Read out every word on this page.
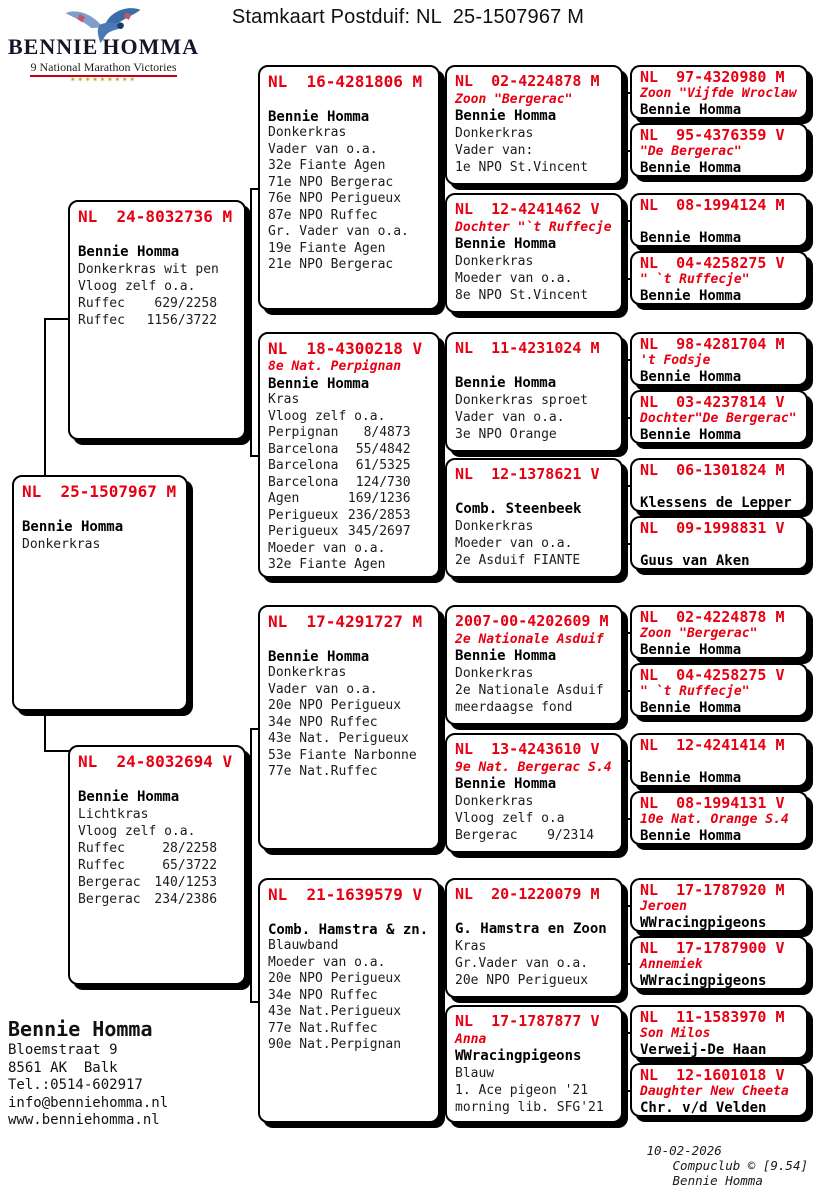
BENNIE HOMMA
9 National Marathon Victories
✶✶✶✶✶✶✶✶✶
Stamkaart Postduif: NL  25-1507967 M
NL  25-1507967 M
Bennie Homma
Donkerkras
NL  24-8032736 M
Bennie Homma
Donkerkras wit pen
Vloog zelf o.a.
Ruffec 629/2258
Ruffec 1156/3722
NL  24-8032694 V
Bennie Homma
Lichtkras
Vloog zelf o.a.
Ruffec	28/2258
Ruffec	65/3722
Bergerac 140/1253
Bergerac 234/2386
NL  16-4281806 M
Bennie Homma
Donkerkras
Vader van o.a.
32e Fiante Agen
71e NPO Bergerac
76e NPO Perigueux
87e NPO Ruffec
Gr. Vader van o.a.
19e Fiante Agen
21e NPO Bergerac
NL  18-4300218 V
8e Nat. Perpignan
Bennie Homma
Kras
Vloog zelf o.a.
Perpignan 8/4873
Barcelona 55/4842
Barcelona 61/5325
Barcelona 124/730
Agen	169/1236
Perigueux 236/2853
Perigueux 345/2697
Moeder van o.a.
32e Fiante Agen
NL  17-4291727 M
Bennie Homma
Donkerkras
Vader van o.a.
20e NPO Perigueux
34e NPO Ruffec
43e Nat. Perigueux
53e Fiante Narbonne
77e Nat.Ruffec
NL  21-1639579 V
Comb. Hamstra & zn.
Blauwband
Moeder van o.a.
20e NPO Perigueux
34e NPO Ruffec
43e Nat.Perigueux
77e Nat.Ruffec
90e Nat.Perpignan
NL  02-4224878 M
Zoon "Bergerac"
Bennie Homma
Donkerkras
Vader van:
1e NPO St.Vincent
NL  12-4241462 V
Dochter "`t Ruffecje
Bennie Homma
Donkerkras
Moeder van o.a.
8e NPO St.Vincent
NL  11-4231024 M
Bennie Homma
Donkerkras sproet
Vader van o.a.
3e NPO Orange
NL  12-1378621 V
Comb. Steenbeek
Donkerkras
Moeder van o.a.
2e Asduif FIANTE
2007-00-4202609 M
2e Nationale Asduif
Bennie Homma
Donkerkras
2e Nationale Asduif
meerdaagse fond
NL  13-4243610 V
9e Nat. Bergerac S.4
Bennie Homma
Donkerkras
Vloog zelf o.a
Bergerac 9/2314
NL  20-1220079 M
G. Hamstra en Zoon
Kras
Gr.Vader van o.a.
20e NPO Perigueux
NL  17-1787877 V
Anna
WWracingpigeons
Blauw
1. Ace pigeon '21
morning lib. SFG'21
NL  97-4320980 M
Zoon "Vijfde Wroclaw
Bennie Homma
NL  95-4376359 V
"De Bergerac"
Bennie Homma
NL  08-1994124 M
Bennie Homma
NL  04-4258275 V
" `t Ruffecje"
Bennie Homma
NL  98-4281704 M
't Fodsje
Bennie Homma
NL  03-4237814 V
Dochter"De Bergerac"
Bennie Homma
NL  06-1301824 M
Klessens de Lepper
NL  09-1998831 V
Guus van Aken
NL  02-4224878 M
Zoon "Bergerac"
Bennie Homma
NL  04-4258275 V
" `t Ruffecje"
Bennie Homma
NL  12-4241414 M
Bennie Homma
NL  08-1994131 V
10e Nat. Orange S.4
Bennie Homma
NL  17-1787920 M
Jeroen
WWracingpigeons
NL  17-1787900 V
Annemiek
WWracingpigeons
NL  11-1583970 M
Son Milos
Verweij-De Haan
NL  12-1601018 V
Daughter New Cheeta
Chr. v/d Velden
Bennie Homma
Bloemstraat 9
8561 AK  Balk
Tel.:0514-602917
info@benniehomma.nl
www.benniehomma.nl

10-02-2026
Compuclub © [9.54]
Bennie Homma
